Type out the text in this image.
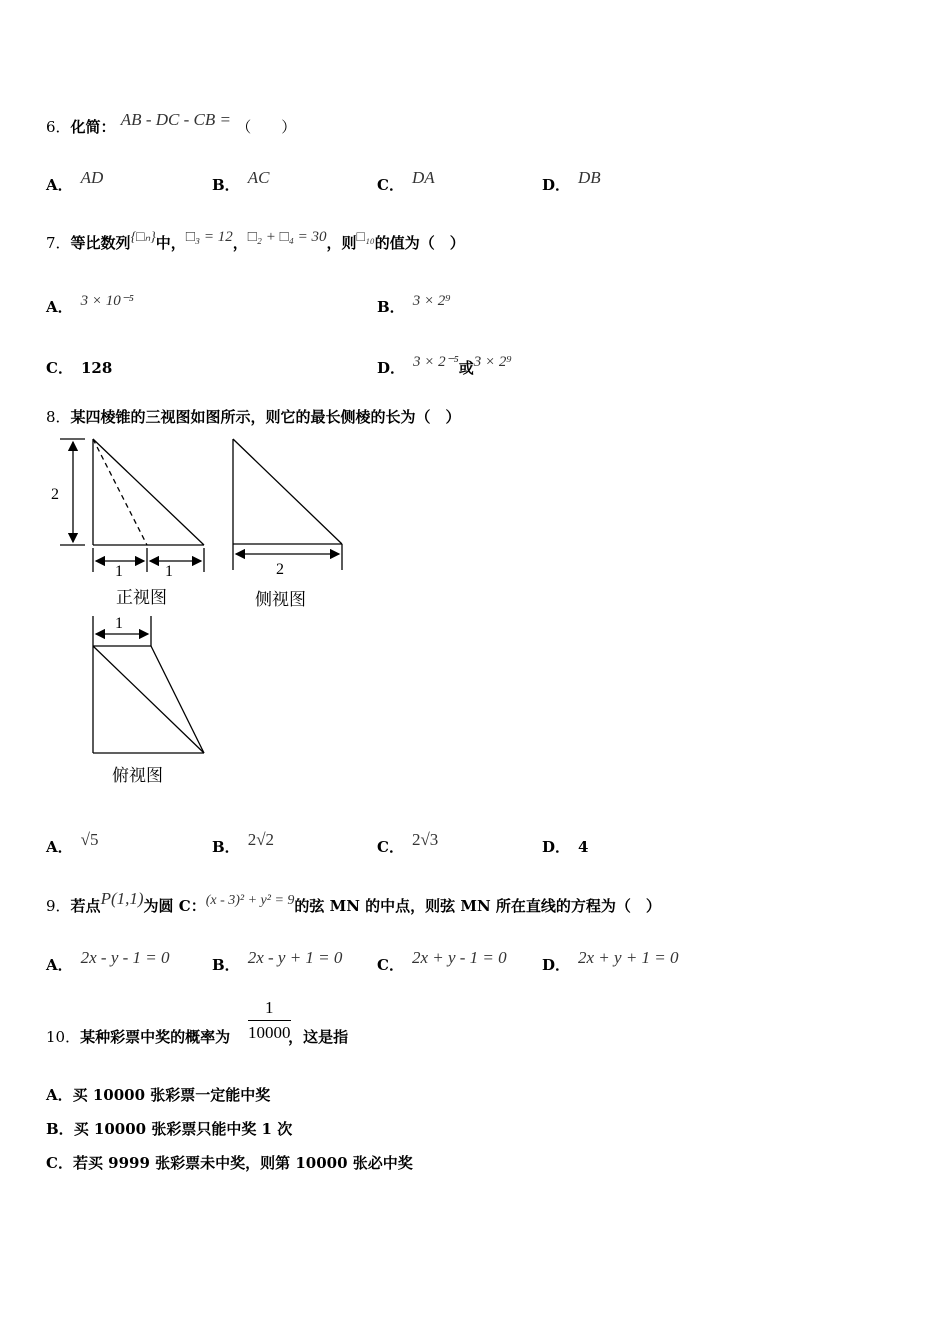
6．化简： AB - DC - CB = （　　）
A． AD	B． AC	C． DA	D． DB
7．等比数列{□ₙ}中，□₃ = 12，□₂ + □₄ = 30，则□₁₀的值为（　）
A． 3 × 10⁻⁵	B． 3 × 2⁹
C． 128	D． 3 × 2⁻⁵或3 × 2⁹
8．某四棱锥的三视图如图所示，则它的最长侧棱的长为（　）
2
1	1
正视图
2
侧视图
1
俯视图
A． √5	B． 2√2	C． 2√3	D． 4
9．若点P(1,1)为圆 C：(x - 3)² + y² = 9的弦 MN 的中点，则弦 MN 所在直线的方程为（　）
A． 2x - y - 1 = 0	B． 2x - y + 1 = 0 C． 2x + y - 1 = 0 D． 2x + y + 1 = 0
10．某种彩票中奖的概率为	，这是指
$\frac{1}{10000}$
A．买 10000 张彩票一定能中奖
B．买 10000 张彩票只能中奖 1 次
C．若买 9999 张彩票未中奖，则第 10000 张必中奖
